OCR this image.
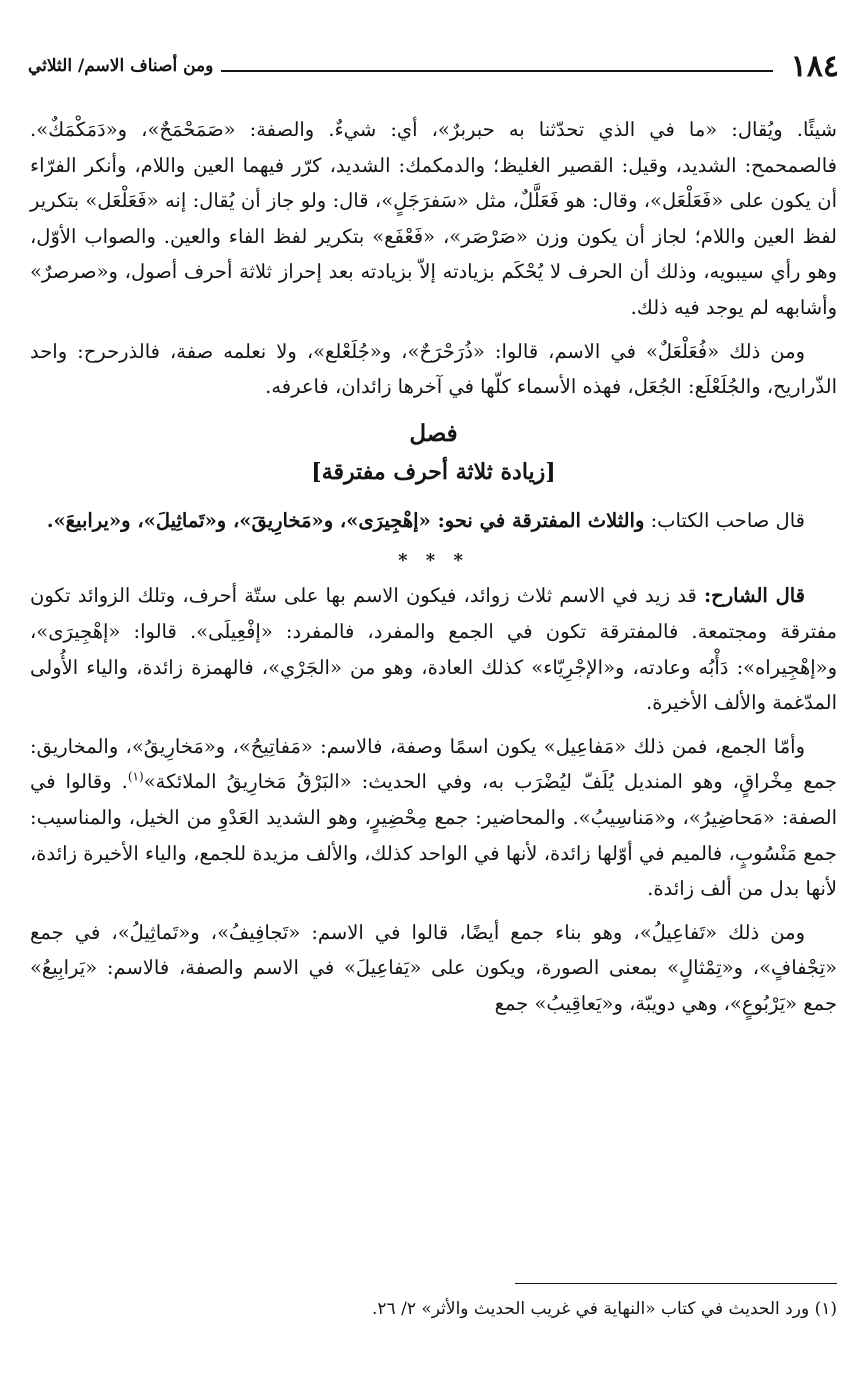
١٨٤
ومن أصناف الاسم/ الثلاثي

شيئًا. ويُقال: «ما في الذي تحدّثنا به حبربرٌ»، أي: شيءٌ. والصفة: «صَمَحْمَحٌ»، و«دَمَكْمَكٌ». فالصمحمح: الشديد، وقيل: القصير الغليظ؛ والدمكمك: الشديد، كرّر فيهما العين واللام، وأنكر الفرّاء أن يكون على «فَعَلْعَل»، وقال: هو فَعَلَّلٌ، مثل «سَفرَجَلٍ»، قال: ولو جاز أن يُقال: إنه «فَعَلْعَل» بتكرير لفظ العين واللام؛ لجاز أن يكون وزن «صَرْصَر»، «فَعْفَع» بتكرير لفظ الفاء والعين. والصواب الأوّل، وهو رأي سيبويه، وذلك أن الحرف لا يُحْكَم بزيادته إلاّ بزيادته بعد إحراز ثلاثة أحرف أصول، و«صرصرٌ» وأشابهه لم يوجد فيه ذلك.

ومن ذلك «فُعَلْعَلٌ» في الاسم، قالوا: «ذُرَحْرَحٌ»، و«جُلَعْلع»، ولا نعلمه صفة، فالذرحرح: واحد الذّراريح، والجُلَعْلَع: الجُعَل، فهذه الأسماء كلّها في آخرها زائدان، فاعرفه.

فصل
[زيادة ثلاثة أحرف مفترقة]

قال صاحب الكتاب: والثلاث المفترقة في نحو: «إهْجِيرَى»، و«مَخارِيقَ»، و«تَماثِيلَ»، و«يرابيعَ».

* * *

قال الشارح: قد زيد في الاسم ثلاث زوائد، فيكون الاسم بها على ستّة أحرف، وتلك الزوائد تكون مفترقة ومجتمعة. فالمفترقة تكون في الجمع والمفرد، فالمفرد: «إفْعِيلَى». قالوا: «إهْجِيرَى»، و«إهْجِيراه»: دَأْبُه وعادته، و«الإجْرِيّاء» كذلك العادة، وهو من «الجَرْي»، فالهمزة زائدة، والياء الأُولى المدّغمة والألف الأخيرة.

وأمّا الجمع، فمن ذلك «مَفاعِيل» يكون اسمًا وصفة، فالاسم: «مَفاتِيحُ»، و«مَخارِيقُ»، والمخاريق: جمع مِخْراقٍ، وهو المنديل يُلَفّ ليُضْرَب به، وفي الحديث: «البَرْقُ مَخارِيقُ الملائكة»$^{(١)}$. وقالوا في الصفة: «مَحاضِيرُ»، و«مَناسِيبُ». والمحاضير: جمع مِحْضِيرٍ، وهو الشديد العَدْوِ من الخيل، والمناسيب: جمع مَنْسُوبٍ، فالميم في أوّلها زائدة، لأنها في الواحد كذلك، والألف مزيدة للجمع، والياء الأخيرة زائدة، لأنها بدل من ألف زائدة.

ومن ذلك «تَفاعِيلُ»، وهو بناء جمع أيضًا، قالوا في الاسم: «تَجافِيفُ»، و«تَماثِيلُ»، في جمع «تِجْفافٍ»، و«تِمْثالٍ» بمعنى الصورة، ويكون على «يَفاعِيلَ» في الاسم والصفة، فالاسم: «يَرابِيعُ» جمع «يَرْبُوعٍ»، وهي دويبّة، و«يَعاقِيبُ» جمع

(١) ورد الحديث في كتاب «النهاية في غريب الحديث والأثر» ٢/ ٢٦.
